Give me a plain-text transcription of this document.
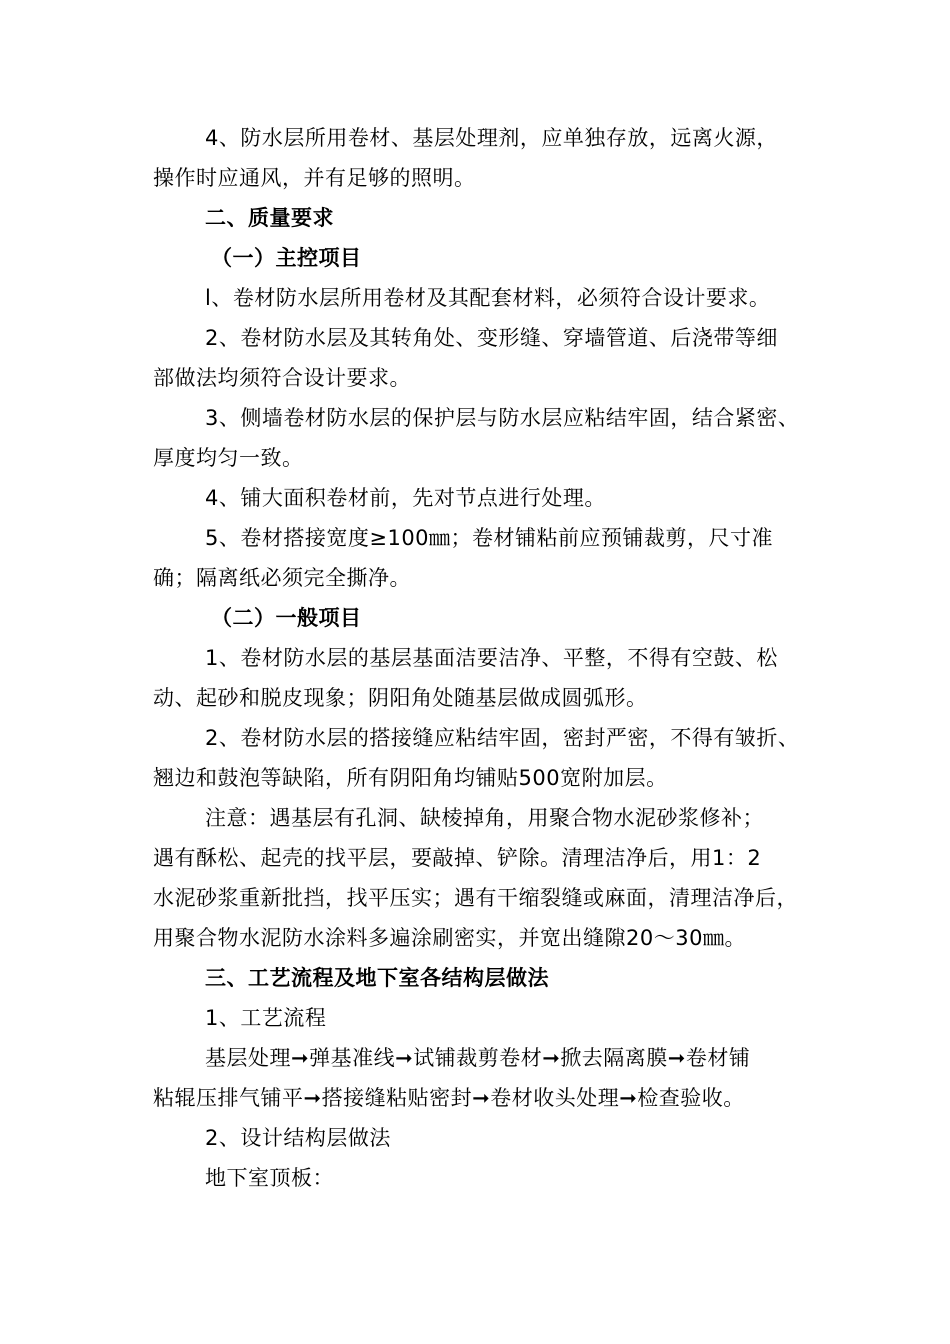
4、防水层所用卷材、基层处理剂，应单独存放，远离火源，
操作时应通风，并有足够的照明。
二、质量要求
（一）主控项目
l、卷材防水层所用卷材及其配套材料，必须符合设计要求。
2、卷材防水层及其转角处、变形缝、穿墙管道、后浇带等细
部做法均须符合设计要求。
3、侧墙卷材防水层的保护层与防水层应粘结牢固，结合紧密、
厚度均匀一致。
4、铺大面积卷材前，先对节点进行处理。
5、卷材搭接宽度≥100㎜；卷材铺粘前应预铺裁剪，尺寸准
确；隔离纸必须完全撕净。
（二）一般项目
1、卷材防水层的基层基面洁要洁净、平整，不得有空鼓、松
动、起砂和脱皮现象；阴阳角处随基层做成圆弧形。
2、卷材防水层的搭接缝应粘结牢固，密封严密，不得有皱折、
翘边和鼓泡等缺陷，所有阴阳角均铺贴500宽附加层。
注意：遇基层有孔洞、缺棱掉角，用聚合物水泥砂浆修补；
遇有酥松、起壳的找平层，要敲掉、铲除。清理洁净后，用1：2
水泥砂浆重新批挡，找平压实；遇有干缩裂缝或麻面，清理洁净后，
用聚合物水泥防水涂料多遍涂刷密实，并宽出缝隙20～30㎜。
三、工艺流程及地下室各结构层做法
1、工艺流程
基层处理➞弹基准线➞试铺裁剪卷材➞掀去隔离膜➞卷材铺
粘辊压排气铺平➞搭接缝粘贴密封➞卷材收头处理➞检查验收。
2、设计结构层做法
地下室顶板：
